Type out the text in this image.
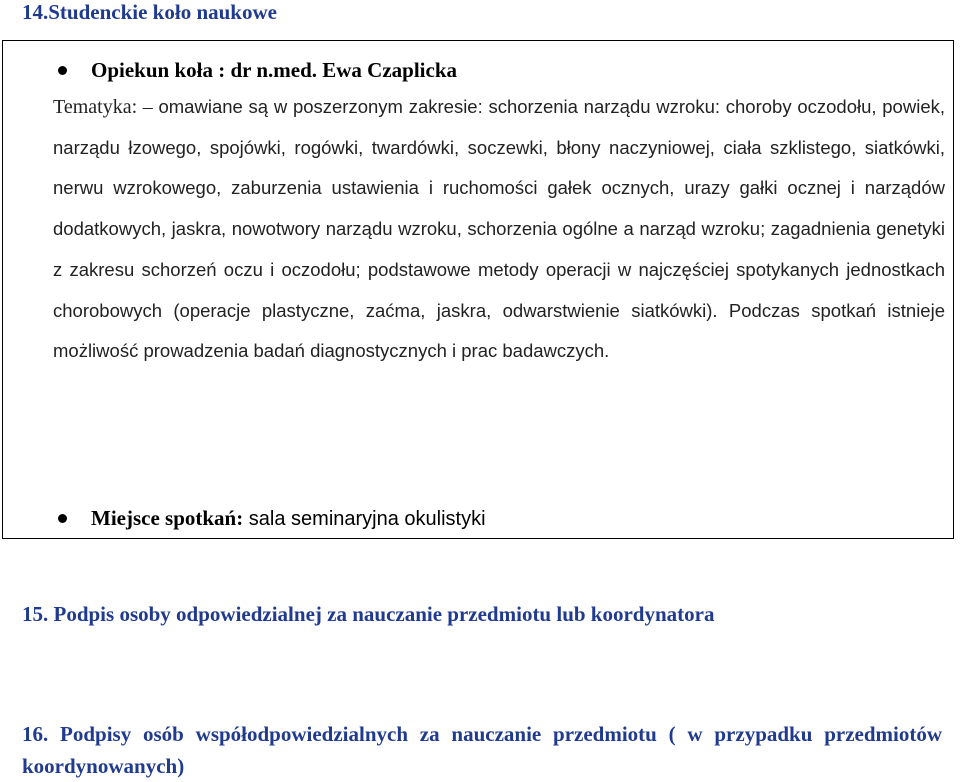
14.Studenckie koło naukowe
Opiekun koła : dr n.med. Ewa Czaplicka

Tematyka: – omawiane są w poszerzonym zakresie: schorzenia narządu wzroku: choroby oczodołu, powiek, narządu łzowego, spojówki, rogówki, twardówki, soczewki, błony naczyniowej, ciała szklistego, siatkówki, nerwu wzrokowego, zaburzenia ustawienia i ruchomości gałek ocznych, urazy gałki ocznej i narządów dodatkowych, jaskra, nowotwory narządu wzroku, schorzenia ogólne a narząd wzroku; zagadnienia genetyki z zakresu schorzeń oczu i oczodołu; podstawowe metody operacji w najczęściej spotykanych jednostkach chorobowych (operacje plastyczne, zaćma, jaskra, odwarstwienie siatkówki). Podczas spotkań istnieje możliwość prowadzenia badań diagnostycznych i prac badawczych.

Miejsce spotkań: sala seminaryjna okulistyki
15. Podpis osoby odpowiedzialnej za nauczanie przedmiotu lub koordynatora
16. Podpisy osób współodpowiedzialnych za nauczanie przedmiotu ( w przypadku przedmiotów koordynowanych)
